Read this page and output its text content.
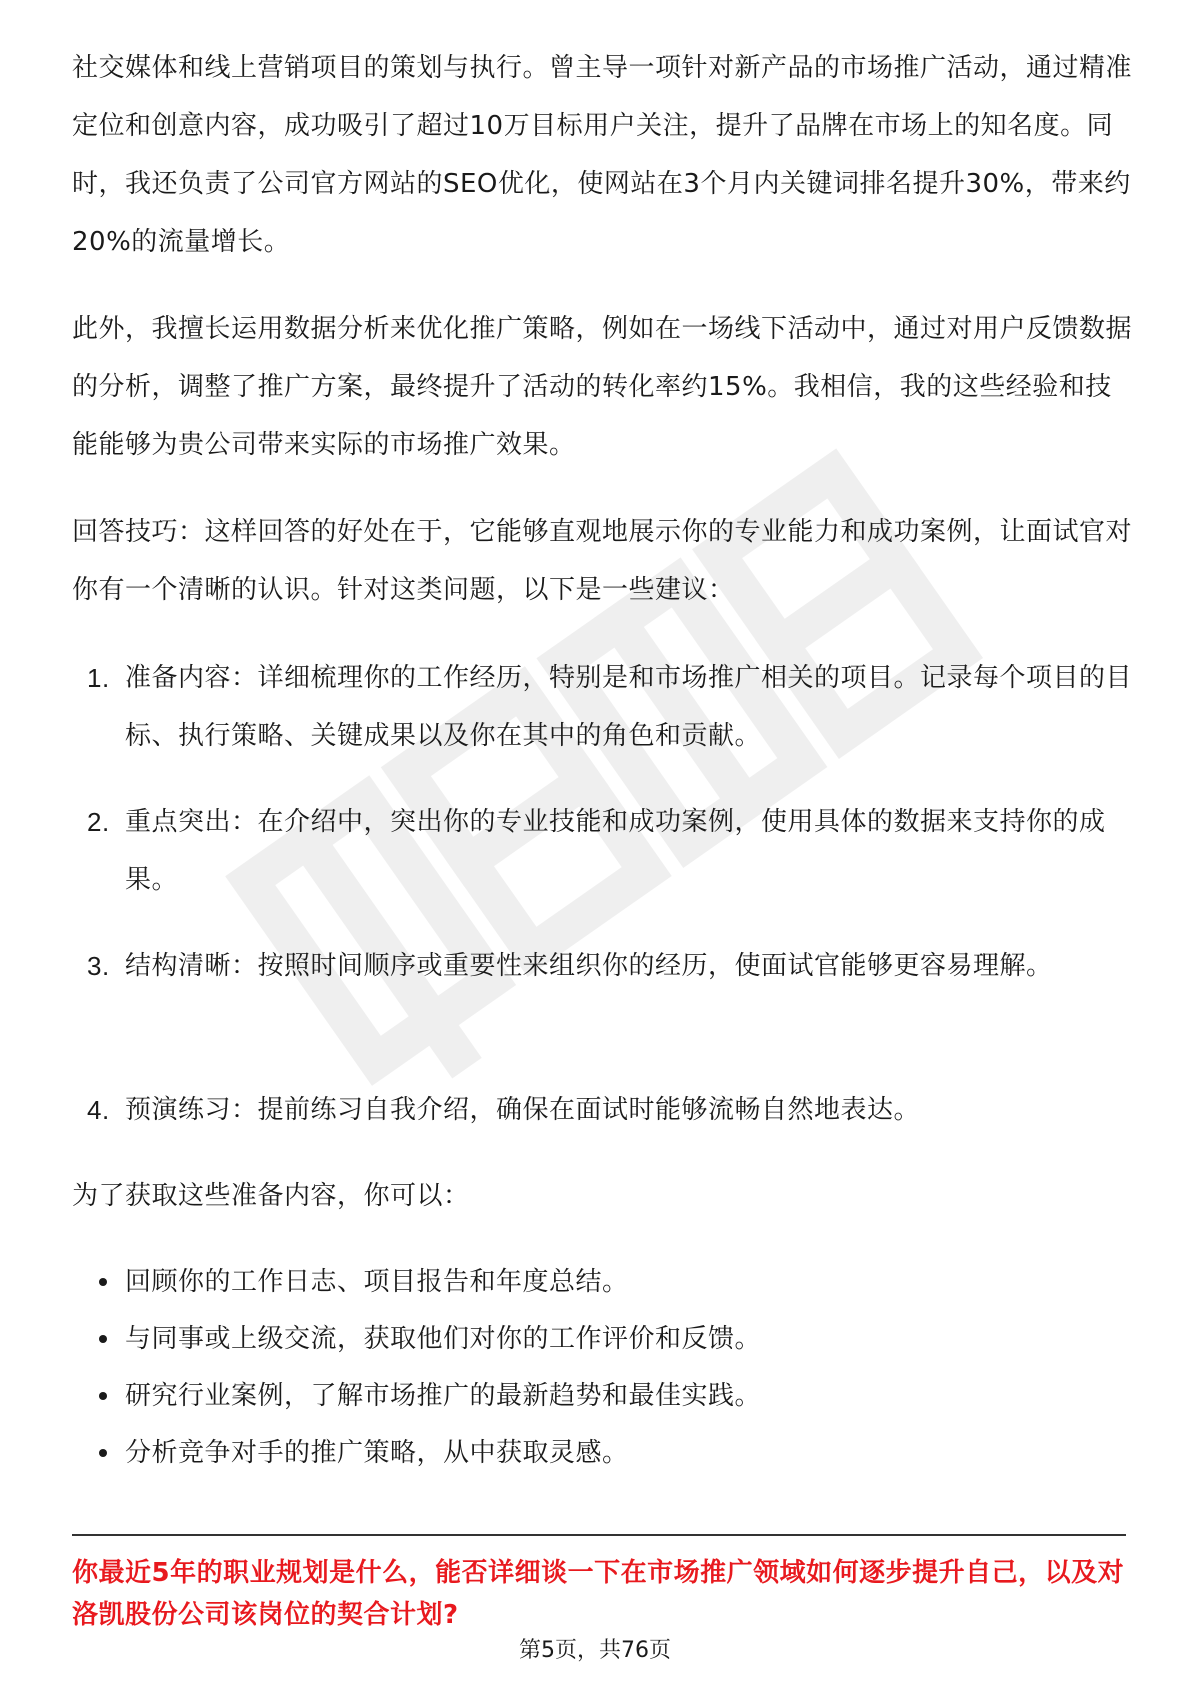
社交媒体和线上营销项目的策划与执行。曾主导一项针对新产品的市场推广活动，通过精准定位和创意内容，成功吸引了超过10万目标用户关注，提升了品牌在市场上的知名度。同时，我还负责了公司官方网站的SEO优化，使网站在3个月内关键词排名提升30%，带来约20%的流量增长。

此外，我擅长运用数据分析来优化推广策略，例如在一场线下活动中，通过对用户反馈数据的分析，调整了推广方案，最终提升了活动的转化率约15%。我相信，我的这些经验和技能能够为贵公司带来实际的市场推广效果。

回答技巧：这样回答的好处在于，它能够直观地展示你的专业能力和成功案例，让面试官对你有一个清晰的认识。针对这类问题，以下是一些建议：

1. 准备内容：详细梳理你的工作经历，特别是和市场推广相关的项目。记录每个项目的目标、执行策略、关键成果以及你在其中的角色和贡献。
2. 重点突出：在介绍中，突出你的专业技能和成功案例，使用具体的数据来支持你的成果。
3. 结构清晰：按照时间顺序或重要性来组织你的经历，使面试官能够更容易理解。
4. 预演练习：提前练习自我介绍，确保在面试时能够流畅自然地表达。

为了获取这些准备内容，你可以：

回顾你的工作日志、项目报告和年度总结。
与同事或上级交流，获取他们对你的工作评价和反馈。
研究行业案例，了解市场推广的最新趋势和最佳实践。
分析竞争对手的推广策略，从中获取灵感。

你最近5年的职业规划是什么，能否详细谈一下在市场推广领域如何逐步提升自己，以及对洛凯股份公司该岗位的契合计划?

第5页，共76页
